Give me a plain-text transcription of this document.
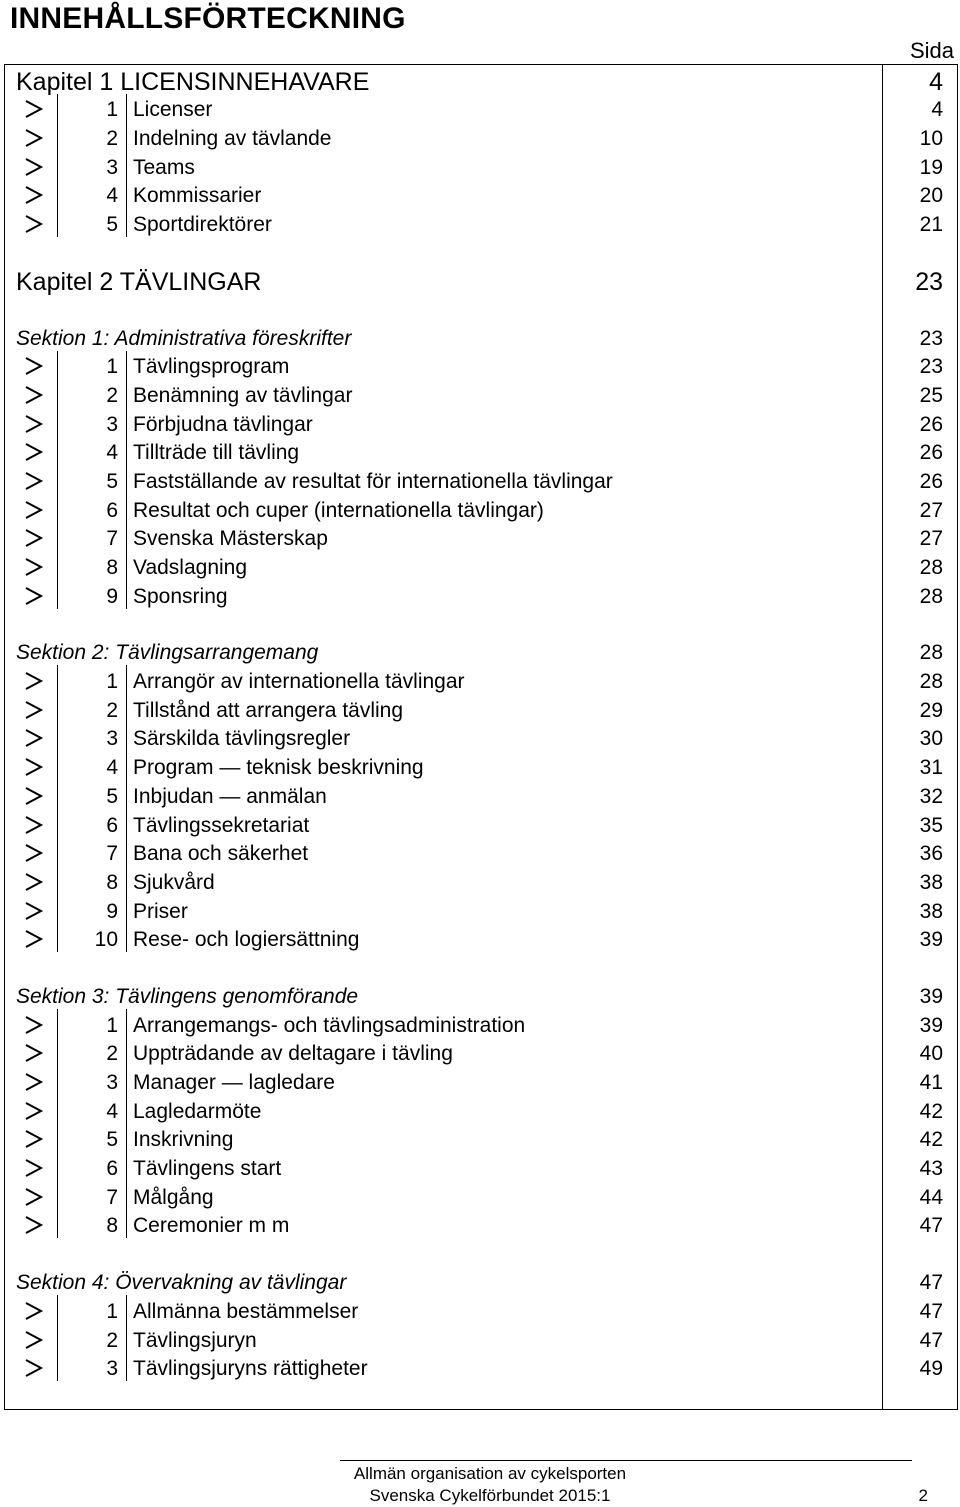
INNEHÅLLSFÖRTECKNING
Sida
Kapitel 1 LICENSINNEHAVARE			4

	1	Licenser	4

	2	Indelning av tävlande	10

	3	Teams	19

	4	Kommissarier	20

	5	Sportdirektörer	21

Kapitel 2 TÄVLINGAR			23

Sektion 1: Administrativa föreskrifter			23

	1	Tävlingsprogram	23

	2	Benämning av tävlingar	25

	3	Förbjudna tävlingar	26

	4	Tillträde till tävling	26

	5	Fastställande av resultat för internationella tävlingar	26

	6	Resultat och cuper (internationella tävlingar)	27

	7	Svenska Mästerskap	27

	8	Vadslagning	28

	9	Sponsring	28

Sektion 2: Tävlingsarrangemang			28

	1	Arrangör av internationella tävlingar	28

	2	Tillstånd att arrangera tävling	29

	3	Särskilda tävlingsregler	30

	4	Program — teknisk beskrivning	31

	5	Inbjudan — anmälan	32

	6	Tävlingssekretariat	35

	7	Bana och säkerhet	36

	8	Sjukvård	38

	9	Priser	38

	10	Rese- och logiersättning	39

Sektion 3: Tävlingens genomförande			39

	1	Arrangemangs- och tävlingsadministration	39

	2	Uppträdande av deltagare i tävling	40

	3	Manager — lagledare	41

	4	Lagledarmöte	42

	5	Inskrivning	42

	6	Tävlingens start	43

	7	Målgång	44

	8	Ceremonier m m	47

Sektion 4: Övervakning av tävlingar			47

	1	Allmänna bestämmelser	47

	2	Tävlingsjuryn	47

	3	Tävlingsjuryns rättigheter	49

Allmän organisation av cykelsporten
Svenska Cykelförbundet 2015:1	2
